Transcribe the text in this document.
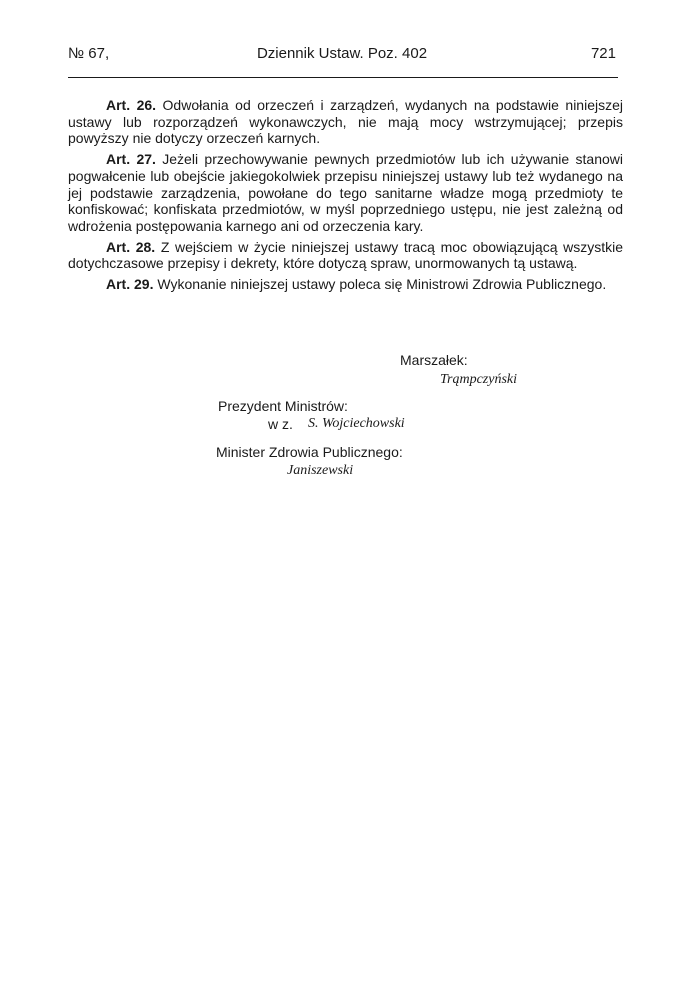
№ 67,	Dziennik Ustaw. Poz. 402	721

Art. 26. Odwołania od orzeczeń i zarządzeń, wydanych na podstawie niniejszej ustawy lub rozporządzeń wykonawczych, nie mają mocy wstrzymującej; przepis powyższy nie dotyczy orzeczeń karnych.

Art. 27. Jeżeli przechowywanie pewnych przedmiotów lub ich używanie stanowi pogwałcenie lub obejście jakiegokolwiek przepisu niniejszej ustawy lub też wydanego na jej podstawie zarządzenia, powołane do tego sanitarne władze mogą przedmioty te konfiskować; konfiskata przedmiotów, w myśl poprzedniego ustępu, nie jest zależną od wdrożenia postępowania karnego ani od orzeczenia kary.

Art. 28. Z wejściem w życie niniejszej ustawy tracą moc obowiązującą wszystkie dotychczasowe przepisy i dekrety, które dotyczą spraw, unormowanych tą ustawą.

Art. 29. Wykonanie niniejszej ustawy poleca się Ministrowi Zdrowia Publicznego.

Marszałek:
Trąmpczyński
Prezydent Ministrów:
w z. S. Wojciechowski
Minister Zdrowia Publicznego:
Janiszewski
